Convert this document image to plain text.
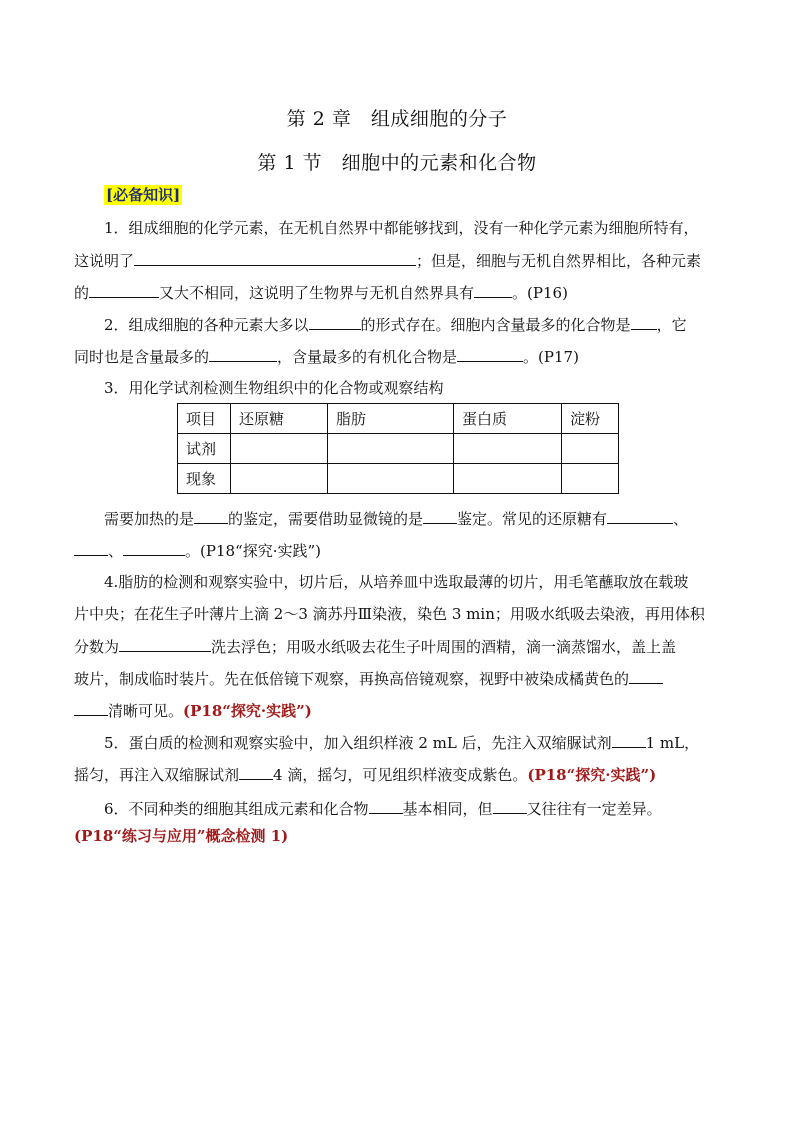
第 2 章　组成细胞的分子
第 1 节　细胞中的元素和化合物
[必备知识]
1．组成细胞的化学元素，在无机自然界中都能够找到，没有一种化学元素为细胞所特有，
这说明了	；但是，细胞与无机自然界相比，各种元素
的	又大不相同，这说明了生物界与无机自然界具有	。(P16)
2．组成细胞的各种元素大多以	的形式存在。细胞内含量最多的化合物是 ，它
同时也是含量最多的	，含量最多的有机化合物是	。(P17)
3．用化学试剂检测生物组织中的化合物或观察结构
项目	还原糖	脂肪	蛋白质	淀粉
试剂				
现象				
需要加热的是 的鉴定，需要借助显微镜的是 鉴定。常见的还原糖有	、
、	。(P18“探究·实践”)
4.脂肪的检测和观察实验中，切片后，从培养皿中选取最薄的切片，用毛笔蘸取放在载玻
片中央；在花生子叶薄片上滴 2～3 滴苏丹Ⅲ染液，染色 3 min；用吸水纸吸去染液，再用体积
分数为	洗去浮色；用吸水纸吸去花生子叶周围的酒精，滴一滴蒸馏水，盖上盖
玻片，制成临时装片。先在低倍镜下观察，再换高倍镜观察，视野中被染成橘黄色的
清晰可见。(P18“探究·实践”)
5．蛋白质的检测和观察实验中，加入组织样液 2 mL 后，先注入双缩脲试剂 1 mL，
摇匀，再注入双缩脲试剂 4 滴，摇匀，可见组织样液变成紫色。(P18“探究·实践”)
6．不同种类的细胞其组成元素和化合物 基本相同，但 又往往有一定差异。
(P18“练习与应用”概念检测 1)
